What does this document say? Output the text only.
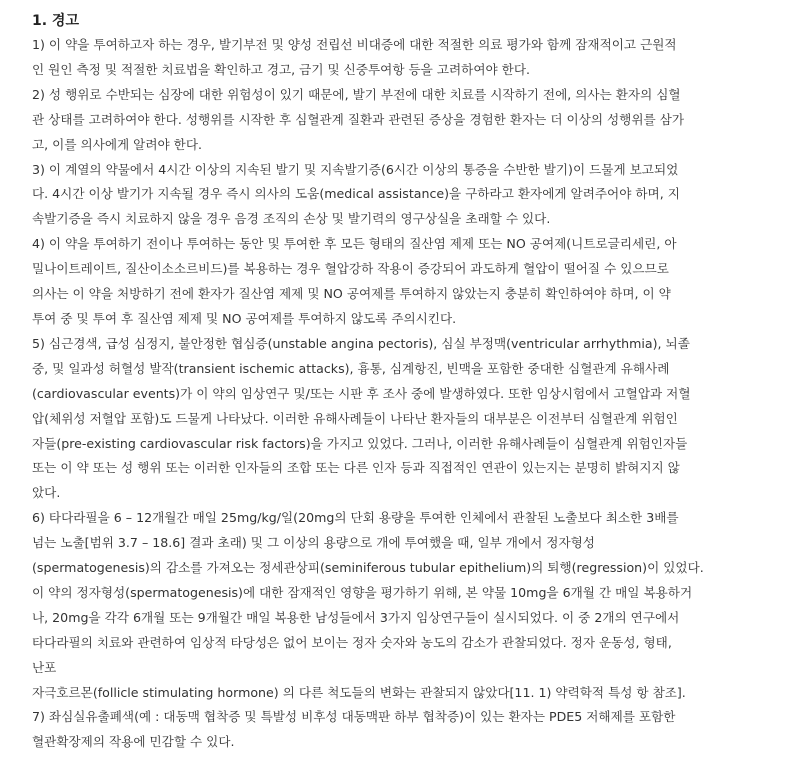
1. 경고
1) 이 약을 투여하고자 하는 경우, 발기부전 및 양성 전립선 비대증에 대한 적절한 의료 평가와 함께 잠재적이고 근원적
인 원인 측정 및 적절한 치료법을 확인하고 경고, 금기 및 신중투여항 등을 고려하여야 한다.
2) 성 행위로 수반되는 심장에 대한 위험성이 있기 때문에, 발기 부전에 대한 치료를 시작하기 전에, 의사는 환자의 심혈
관 상태를 고려하여야 한다. 성행위를 시작한 후 심혈관계 질환과 관련된 증상을 경험한 환자는 더 이상의 성행위를 삼가
고, 이를 의사에게 알려야 한다.
3) 이 계열의 약물에서 4시간 이상의 지속된 발기 및 지속발기증(6시간 이상의 통증을 수반한 발기)이 드물게 보고되었
다. 4시간 이상 발기가 지속될 경우 즉시 의사의 도움(medical assistance)을 구하라고 환자에게 알려주어야 하며, 지
속발기증을 즉시 치료하지 않을 경우 음경 조직의 손상 및 발기력의 영구상실을 초래할 수 있다.
4) 이 약을 투여하기 전이나 투여하는 동안 및 투여한 후 모든 형태의 질산염 제제 또는 NO 공여제(니트로글리세린, 아
밀나이트레이트, 질산이소소르비드)를 복용하는 경우 혈압강하 작용이 증강되어 과도하게 혈압이 떨어질 수 있으므로
의사는 이 약을 처방하기 전에 환자가 질산염 제제 및 NO 공여제를 투여하지 않았는지 충분히 확인하여야 하며, 이 약
투여 중 및 투여 후 질산염 제제 및 NO 공여제를 투여하지 않도록 주의시킨다.
5) 심근경색, 급성 심정지, 불안정한 협심증(unstable angina pectoris), 심실 부정맥(ventricular arrhythmia), 뇌졸
중, 및 일과성 허혈성 발작(transient ischemic attacks), 흉통, 심계항진, 빈맥을 포함한 중대한 심혈관계 유해사례
(cardiovascular events)가 이 약의 임상연구 및/또는 시판 후 조사 중에 발생하였다. 또한 임상시험에서 고혈압과 저혈
압(체위성 저혈압 포함)도 드물게 나타났다. 이러한 유해사례들이 나타난 환자들의 대부분은 이전부터 심혈관계 위험인
자들(pre-existing cardiovascular risk factors)을 가지고 있었다. 그러나, 이러한 유해사례들이 심혈관계 위험인자들
또는 이 약 또는 성 행위 또는 이러한 인자들의 조합 또는 다른 인자 등과 직접적인 연관이 있는지는 분명히 밝혀지지 않
았다.
6) 타다라필을 6 – 12개월간 매일 25mg/kg/일(20mg의 단회 용량을 투여한 인체에서 관찰된 노출보다 최소한 3배를
넘는 노출[범위 3.7 – 18.6] 결과 초래) 및 그 이상의 용량으로 개에 투여했을 때, 일부 개에서 정자형성
(spermatogenesis)의 감소를 가져오는 정세관상피(seminiferous tubular epithelium)의 퇴행(regression)이 있었다.
이 약의 정자형성(spermatogenesis)에 대한 잠재적인 영향을 평가하기 위해, 본 약물 10mg을 6개월 간 매일 복용하거
나, 20mg을 각각 6개월 또는 9개월간 매일 복용한 남성들에서 3가지 임상연구들이 실시되었다. 이 중 2개의 연구에서
타다라필의 치료와 관련하여 임상적 타당성은 없어 보이는 정자 숫자와 농도의 감소가 관찰되었다. 정자 운동성, 형태,
난포
자극호르몬(follicle stimulating hormone) 의 다른 척도들의 변화는 관찰되지 않았다[11. 1) 약력학적 특성 항 참조].
7) 좌심실유출폐색(예 : 대동맥 협착증 및 특발성 비후성 대동맥판 하부 협착증)이 있는 환자는 PDE5 저해제를 포함한
혈관확장제의 작용에 민감할 수 있다.
